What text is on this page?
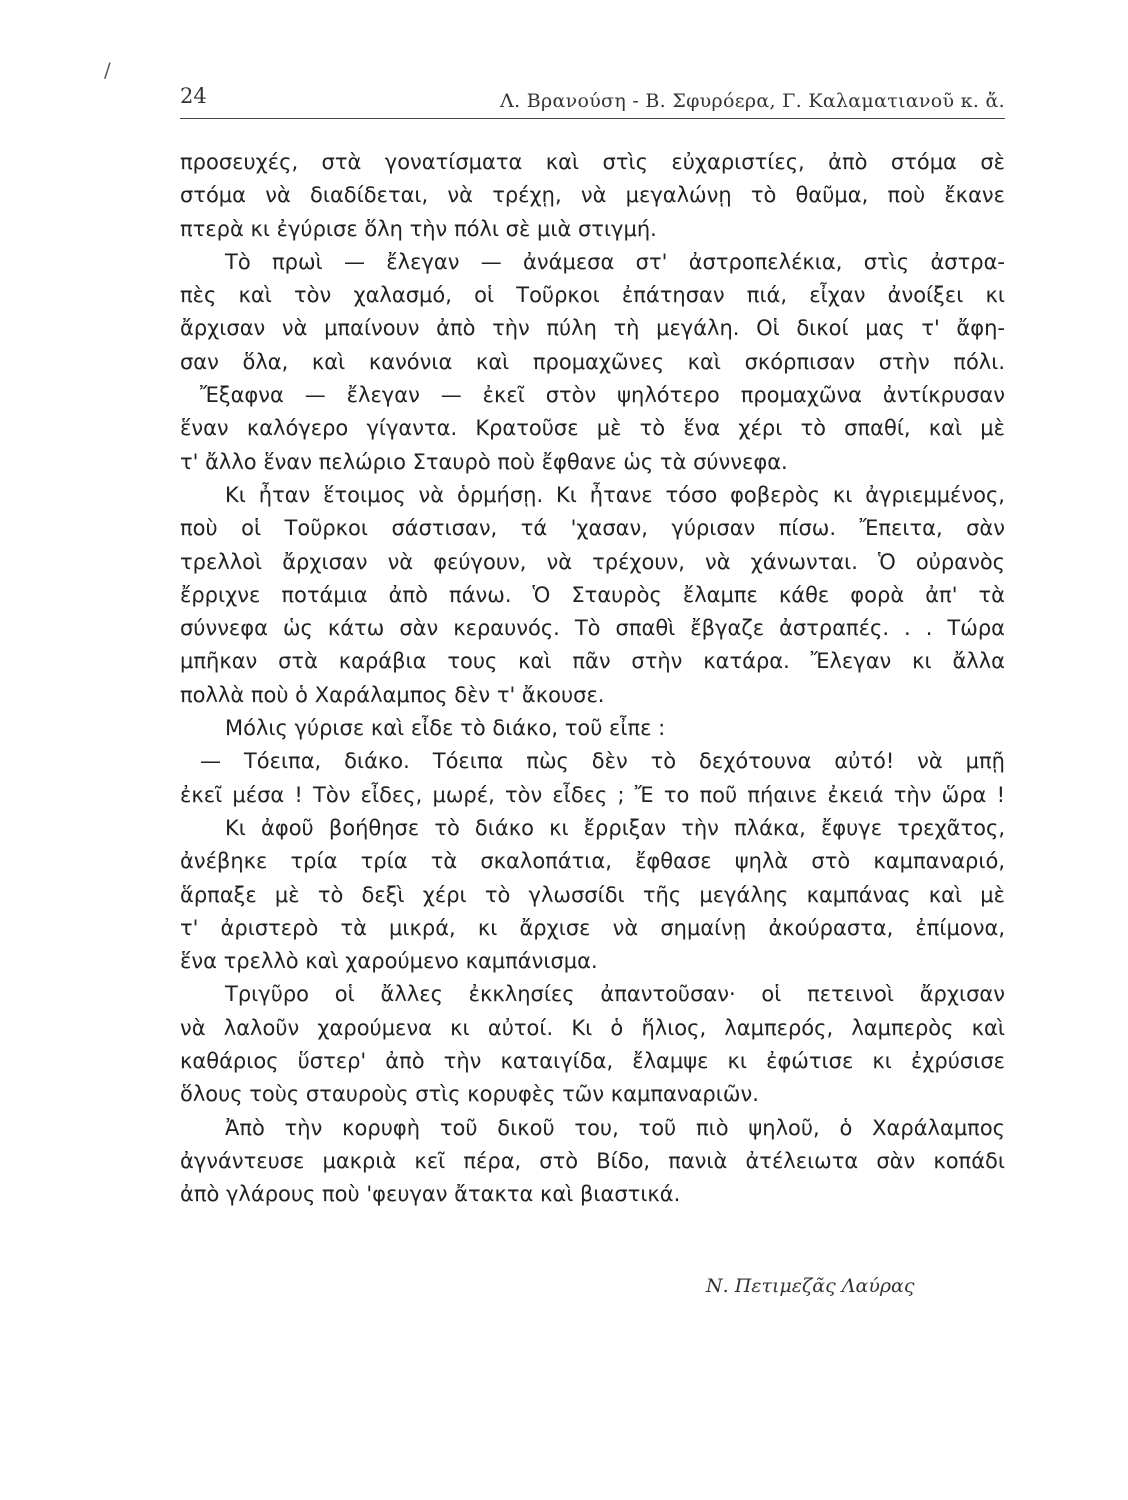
/
24	Λ. Βρανούση - Β. Σφυρόερα, Γ. Καλαματιανοῦ κ. ἄ.
προσευχές, στὰ γονατίσματα καὶ στὶς εὐχαριστίες, ἀπὸ στόμα σὲ
στόμα νὰ διαδίδεται, νὰ τρέχῃ, νὰ μεγαλώνῃ τὸ θαῦμα, ποὺ ἔκανε
πτερὰ κι ἐγύρισε ὅλη τὴν πόλι σὲ μιὰ στιγμή.
Τὸ πρωὶ — ἔλεγαν — ἀνάμεσα στ' ἀστροπελέκια, στὶς ἀστρα-
πὲς καὶ τὸν χαλασμό, οἱ Τοῦρκοι ἐπάτησαν πιά, εἶχαν ἀνοίξει κι
ἄρχισαν νὰ μπαίνουν ἀπὸ τὴν πύλη τὴ μεγάλη. Οἱ δικοί μας τ' ἄφη-
σαν ὅλα, καὶ κανόνια καὶ προμαχῶνες καὶ σκόρπισαν στὴν πόλι.
Ἔξαφνα — ἔλεγαν — ἐκεῖ στὸν ψηλότερο προμαχῶνα ἀντίκρυσαν
ἕναν καλόγερο γίγαντα. Κρατοῦσε μὲ τὸ ἕνα χέρι τὸ σπαθί, καὶ μὲ
τ' ἄλλο ἕναν πελώριο Σταυρὸ ποὺ ἔφθανε ὡς τὰ σύννεφα.
Κι ἦταν ἕτοιμος νὰ ὁρμήσῃ. Κι ἦτανε τόσο φοβερὸς κι ἀγριεμμένος,
ποὺ οἱ Τοῦρκοι σάστισαν, τά 'χασαν, γύρισαν πίσω. Ἔπειτα, σὰν
τρελλοὶ ἄρχισαν νὰ φεύγουν, νὰ τρέχουν, νὰ χάνωνται. Ὁ οὐρανὸς
ἔρριχνε ποτάμια ἀπὸ πάνω. Ὁ Σταυρὸς ἔλαμπε κάθε φορὰ ἀπ' τὰ
σύννεφα ὡς κάτω σὰν κεραυνός. Τὸ σπαθὶ ἔβγαζε ἀστραπές. . . Τώρα
μπῆκαν στὰ καράβια τους καὶ πᾶν στὴν κατάρα. Ἔλεγαν κι ἄλλα
πολλὰ ποὺ ὁ Χαράλαμπος δὲν τ' ἄκουσε.
Μόλις γύρισε καὶ εἶδε τὸ διάκο, τοῦ εἶπε :
— Τόειπα, διάκο. Τόειπα πὼς δὲν τὸ δεχότουνα αὐτό! νὰ μπῇ
ἐκεῖ μέσα ! Τὸν εἶδες, μωρέ, τὸν εἶδες ; Ἔ το ποῦ πήαινε ἐκειά τὴν ὥρα !
Κι ἀφοῦ βοήθησε τὸ διάκο κι ἔρριξαν τὴν πλάκα, ἔφυγε τρεχᾶτος,
ἀνέβηκε τρία τρία τὰ σκαλοπάτια, ἔφθασε ψηλὰ στὸ καμπαναριό,
ἅρπαξε μὲ τὸ δεξὶ χέρι τὸ γλωσσίδι τῆς μεγάλης καμπάνας καὶ μὲ
τ' ἀριστερὸ τὰ μικρά, κι ἄρχισε νὰ σημαίνῃ ἀκούραστα, ἐπίμονα,
ἕνα τρελλὸ καὶ χαρούμενο καμπάνισμα.
Τριγῦρο οἱ ἄλλες ἐκκλησίες ἀπαντοῦσαν· οἱ πετεινοὶ ἄρχισαν
νὰ λαλοῦν χαρούμενα κι αὐτοί. Κι ὁ ἥλιος, λαμπερός, λαμπερὸς καὶ
καθάριος ὕστερ' ἀπὸ τὴν καταιγίδα, ἔλαμψε κι ἐφώτισε κι ἐχρύσισε
ὅλους τοὺς σταυροὺς στὶς κορυφὲς τῶν καμπαναριῶν.
Ἀπὸ τὴν κορυφὴ τοῦ δικοῦ του, τοῦ πιὸ ψηλοῦ, ὁ Χαράλαμπος
ἀγνάντευσε μακριὰ κεῖ πέρα, στὸ Βίδο, πανιὰ ἀτέλειωτα σὰν κοπάδι
ἀπὸ γλάρους ποὺ 'φευγαν ἄτακτα καὶ βιαστικά.
Ν. Πετιμεζᾶς Λαύρας
